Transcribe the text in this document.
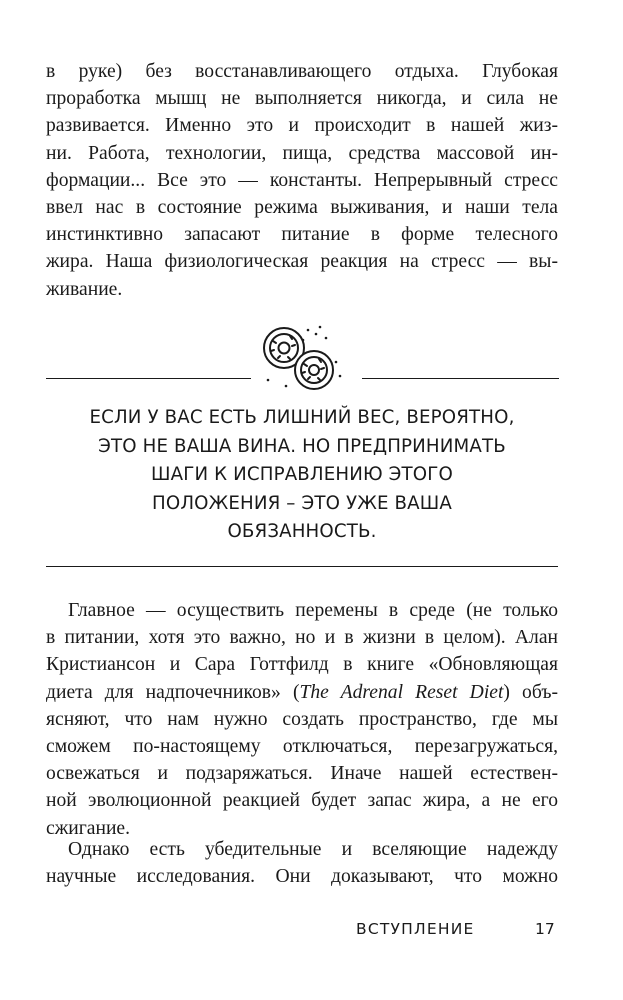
в руке) без восстанавливающего отдыха. Глубокая
проработка мышц не выполняется никогда, и сила не
развивается. Именно это и происходит в нашей жиз-
ни. Работа, технологии, пища, средства массовой ин-
формации... Все это — константы. Непрерывный стресс
ввел нас в состояние режима выживания, и наши тела
инстинктивно запасают питание в форме телесного
жира. Наша физиологическая реакция на стресс — вы-
живание.
ЕСЛИ У ВАС ЕСТЬ ЛИШНИЙ ВЕС, ВЕРОЯТНО,
ЭТО НЕ ВАША ВИНА. НО ПРЕДПРИНИМАТЬ
ШАГИ К ИСПРАВЛЕНИЮ ЭТОГО
ПОЛОЖЕНИЯ – ЭТО УЖЕ ВАША
ОБЯЗАННОСТЬ.
Главное — осуществить перемены в среде (не только
в питании, хотя это важно, но и в жизни в целом). Алан
Кристиансон и Сара Готтфилд в книге «Обновляющая
диета для надпочечников» (The Adrenal Reset Diet) объ-
ясняют, что нам нужно создать пространство, где мы
сможем по-настоящему отключаться, перезагружаться,
освежаться и подзаряжаться. Иначе нашей естествен-
ной эволюционной реакцией будет запас жира, а не его
сжигание.
Однако есть убедительные и вселяющие надежду
научные исследования. Они доказывают, что можно
ВСТУПЛЕНИЕ	17
